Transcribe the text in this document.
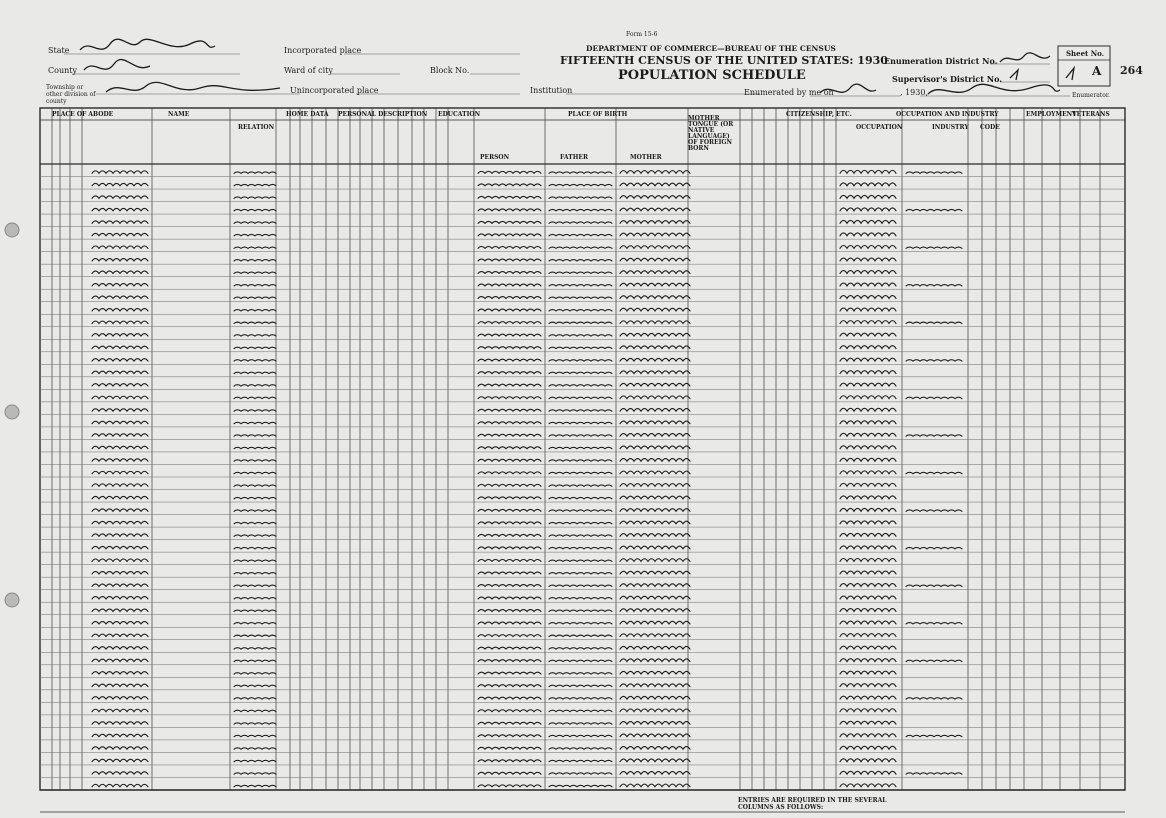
Form 15-6
DEPARTMENT OF COMMERCE—BUREAU OF THE CENSUS
FIFTEENTH CENSUS OF THE UNITED STATES: 1930
POPULATION SCHEDULE
State
County
Township or other division of county
Incorporated place
Ward of city	Block No.
Unincorporated place	Institution
Enumeration District No.
Supervisor's District No.
Sheet No.
A 264
Enumerated by me on	, 1930,	Enumerator.
PLACE OF ABODE	NAME
RELATION
HOME DATA PERSONAL DESCRIPTION EDUCATION	PLACE OF BIRTH
MOTHER TONGUE (OR NATIVE LANGUAGE) OF FOREIGN BORN
CITIZENSHIP, ETC.	OCCUPATION AND INDUSTRY	EMPLOYMENT
VETERANS
PERSON	FATHER	MOTHER
OCCUPATION	INDUSTRY CODE
ENTRIES ARE REQUIRED IN THE SEVERAL COLUMNS AS FOLLOWS:
